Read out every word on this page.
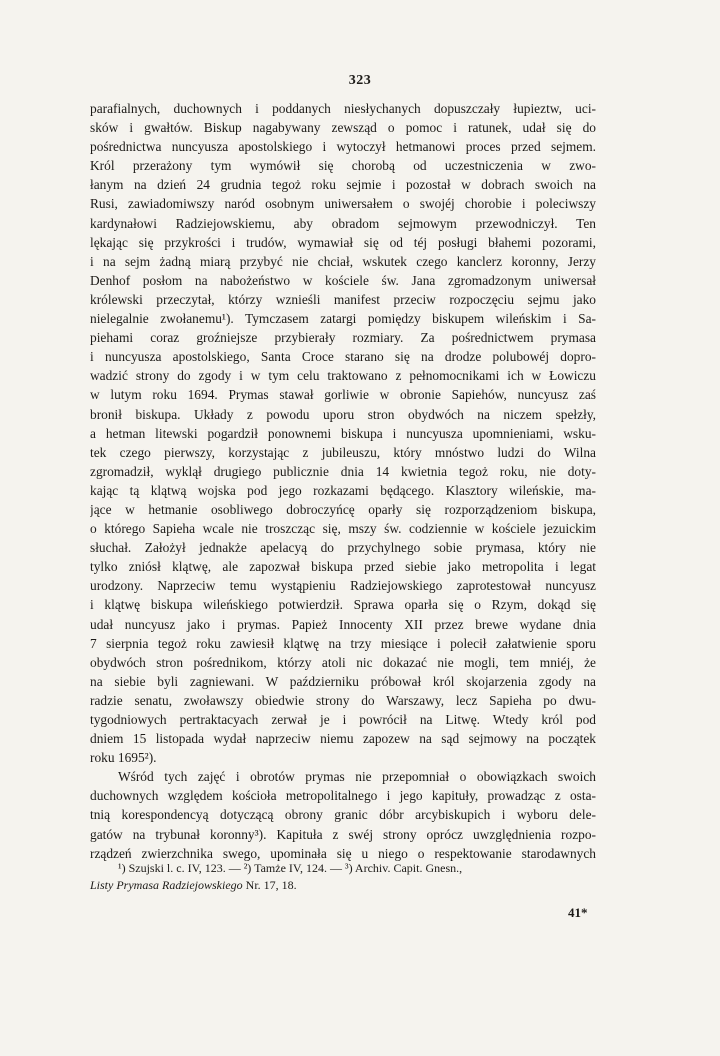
323
parafialnych, duchownych i poddanych niesłychanych dopuszczały łupieztw, uci-
sków i gwałtów. Biskup nagabywany zewsząd o pomoc i ratunek, udał się do
pośrednictwa nuncyusza apostolskiego i wytoczył hetmanowi proces przed sejmem.
Król przerażony tym wymówił się chorobą od uczestniczenia w zwo-
łanym na dzień 24 grudnia tegoż roku sejmie i pozostał w dobrach swoich na
Rusi, zawiadomiwszy naród osobnym uniwersałem o swojéj chorobie i poleciwszy
kardynałowi Radziejowskiemu, aby obradom sejmowym przewodniczył. Ten
lękając się przykrości i trudów, wymawiał się od téj posługi błahemi pozorami,
i na sejm żadną miarą przybyć nie chciał, wskutek czego kanclerz koronny, Jerzy
Denhof posłom na nabożeństwo w kościele św. Jana zgromadzonym uniwersał
królewski przeczytał, którzy wznieśli manifest przeciw rozpoczęciu sejmu jako
nielegalnie zwołanemu¹). Tymczasem zatargi pomiędzy biskupem wileńskim i Sa-
piehami coraz groźniejsze przybierały rozmiary. Za pośrednictwem prymasa
i nuncyusza apostolskiego, Santa Croce starano się na drodze polubowéj dopro-
wadzić strony do zgody i w tym celu traktowano z pełnomocnikami ich w Łowiczu
w lutym roku 1694. Prymas stawał gorliwie w obronie Sapiehów, nuncyusz zaś
bronił biskupa. Układy z powodu uporu stron obydwóch na niczem spełzły,
a hetman litewski pogardził ponownemi biskupa i nuncyusza upomnieniami, wsku-
tek czego pierwszy, korzystając z jubileuszu, który mnóstwo ludzi do Wilna
zgromadził, wyklął drugiego publicznie dnia 14 kwietnia tegoż roku, nie doty-
kając tą klątwą wojska pod jego rozkazami będącego. Klasztory wileńskie, ma-
jące w hetmanie osobliwego dobroczyńcę oparły się rozporządzeniom biskupa,
o którego Sapieha wcale nie troszcząc się, mszy św. codziennie w kościele jezuickim
słuchał. Założył jednakże apelacyą do przychylnego sobie prymasa, który nie
tylko zniósł klątwę, ale zapozwał biskupa przed siebie jako metropolita i legat
urodzony. Naprzeciw temu wystąpieniu Radziejowskiego zaprotestował nuncyusz
i klątwę biskupa wileńskiego potwierdził. Sprawa oparła się o Rzym, dokąd się
udał nuncyusz jako i prymas. Papież Innocenty XII przez brewe wydane dnia
7 sierpnia tegoż roku zawiesił klątwę na trzy miesiące i polecił załatwienie sporu
obydwóch stron pośrednikom, którzy atoli nic dokazać nie mogli, tem mniéj, że
na siebie byli zagniewani. W październiku próbował król skojarzenia zgody na
radzie senatu, zwoławszy obiedwie strony do Warszawy, lecz Sapieha po dwu-
tygodniowych pertraktacyach zerwał je i powrócił na Litwę. Wtedy król pod
dniem 15 listopada wydał naprzeciw niemu zapozew na sąd sejmowy na początek
roku 1695²).
Wśród tych zajęć i obrotów prymas nie przepomniał o obowiązkach swoich
duchownych względem kościoła metropolitalnego i jego kapituły, prowadząc z osta-
tnią korespondencyą dotyczącą obrony granic dóbr arcybiskupich i wyboru dele-
gatów na trybunał koronny³). Kapituła z swéj strony oprócz uwzględnienia rozpo-
rządzeń zwierzchnika swego, upominała się u niego o respektowanie starodawnych
¹) Szujski l. c. IV, 123. — ²) Tamże IV, 124. — ³) Archiv. Capit. Gnesn.,
Listy Prymasa Radziejowskiego Nr. 17, 18.
41*
